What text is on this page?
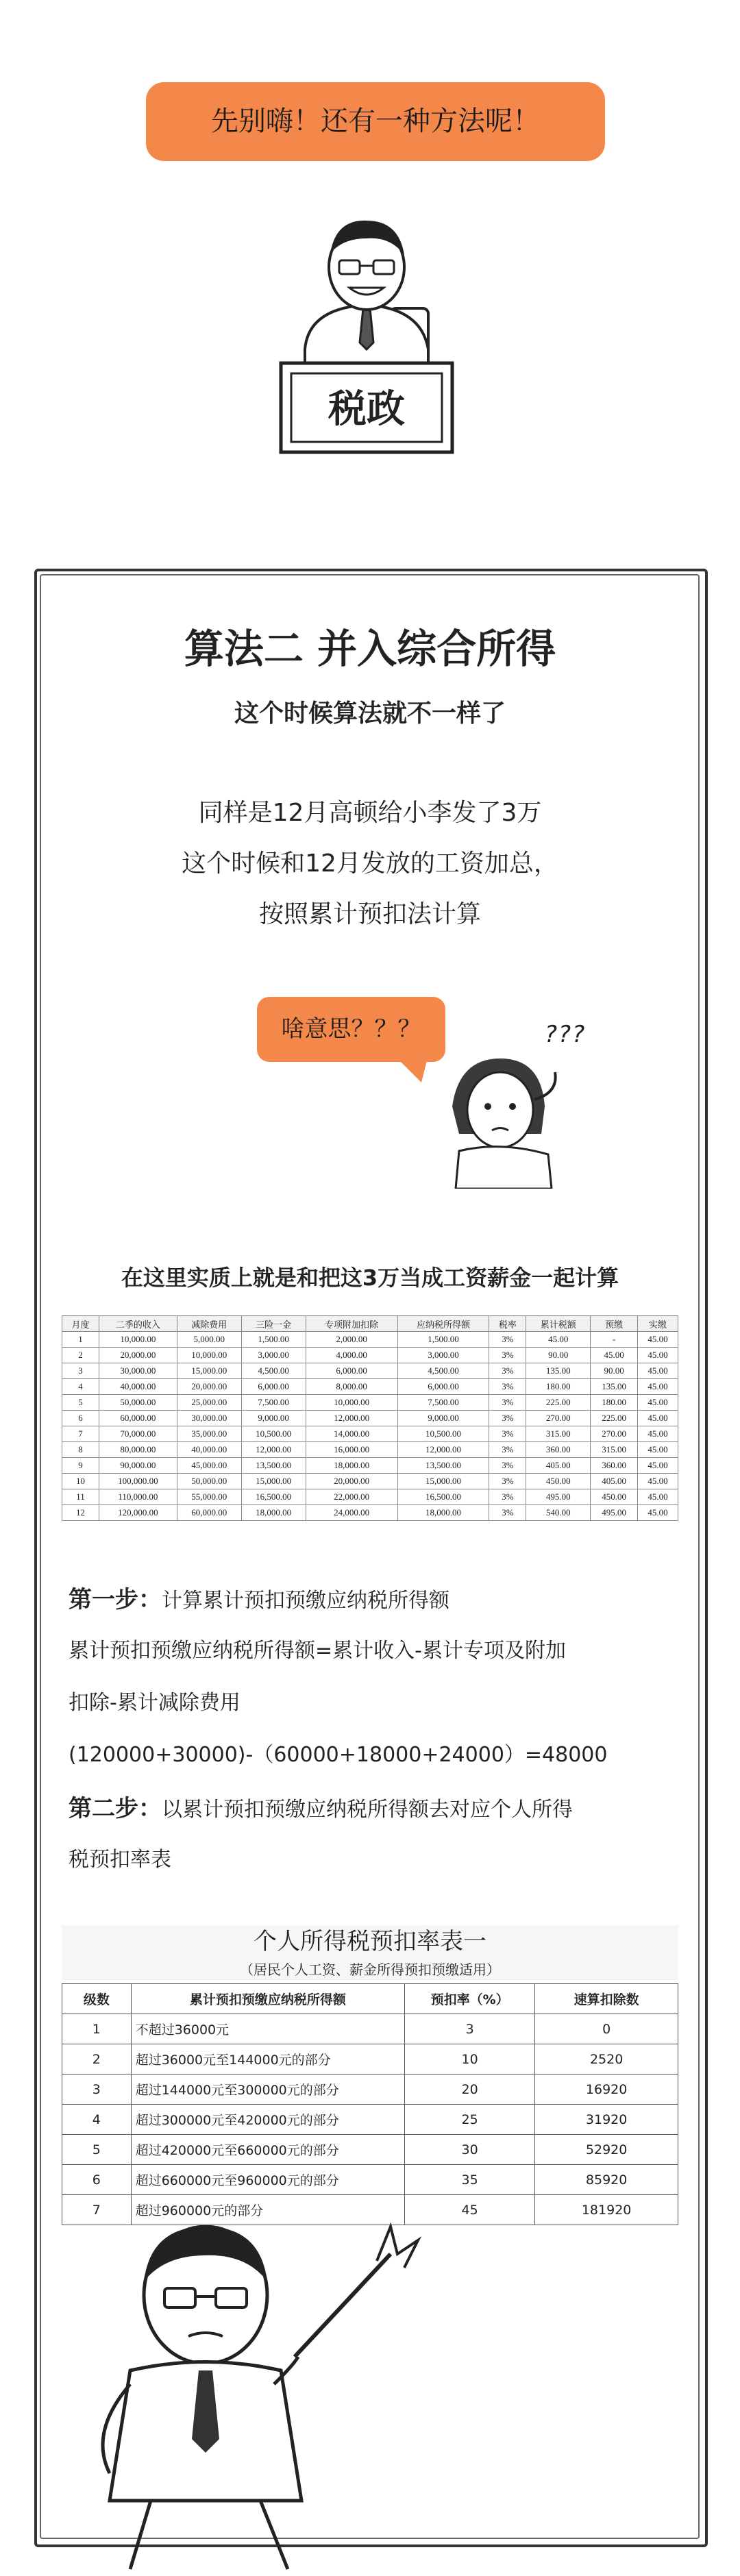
先别嗨！还有一种方法呢！
税政
算法二 并入综合所得
这个时候算法就不一样了
同样是12月高顿给小李发了3万
这个时候和12月发放的工资加总，
按照累计预扣法计算
啥意思？？？	???
在这里实质上就是和把这3万当成工资薪金一起计算
月度	二季的收入	减除费用	三险一金	专项附加扣除	应纳税所得额	税率	累计税额	预缴	实缴
1	10,000.00	5,000.00	1,500.00	2,000.00	1,500.00	3%	45.00	-	45.00
2	20,000.00	10,000.00	3,000.00	4,000.00	3,000.00	3%	90.00	45.00	45.00
3	30,000.00	15,000.00	4,500.00	6,000.00	4,500.00	3%	135.00	90.00	45.00
4	40,000.00	20,000.00	6,000.00	8,000.00	6,000.00	3%	180.00	135.00	45.00
5	50,000.00	25,000.00	7,500.00	10,000.00	7,500.00	3%	225.00	180.00	45.00
6	60,000.00	30,000.00	9,000.00	12,000.00	9,000.00	3%	270.00	225.00	45.00
7	70,000.00	35,000.00	10,500.00	14,000.00	10,500.00	3%	315.00	270.00	45.00
8	80,000.00	40,000.00	12,000.00	16,000.00	12,000.00	3%	360.00	315.00	45.00
9	90,000.00	45,000.00	13,500.00	18,000.00	13,500.00	3%	405.00	360.00	45.00
10	100,000.00	50,000.00	15,000.00	20,000.00	15,000.00	3%	450.00	405.00	45.00
11	110,000.00	55,000.00	16,500.00	22,000.00	16,500.00	3%	495.00	450.00	45.00
12	120,000.00	60,000.00	18,000.00	24,000.00	18,000.00	3%	540.00	495.00	45.00
第一步：计算累计预扣预缴应纳税所得额
累计预扣预缴应纳税所得额=累计收入-累计专项及附加
扣除-累计减除费用
(120000+30000)-（60000+18000+24000）=48000
第二步：以累计预扣预缴应纳税所得额去对应个人所得
税预扣率表
个人所得税预扣率表一
（居民个人工资、薪金所得预扣预缴适用）
级数	累计预扣预缴应纳税所得额	预扣率（%）	速算扣除数
1	不超过36000元	3	0
2	超过36000元至144000元的部分	10	2520
3	超过144000元至300000元的部分	20	16920
4	超过300000元至420000元的部分	25	31920
5	超过420000元至660000元的部分	30	52920
6	超过660000元至960000元的部分	35	85920
7	超过960000元的部分	45	181920
